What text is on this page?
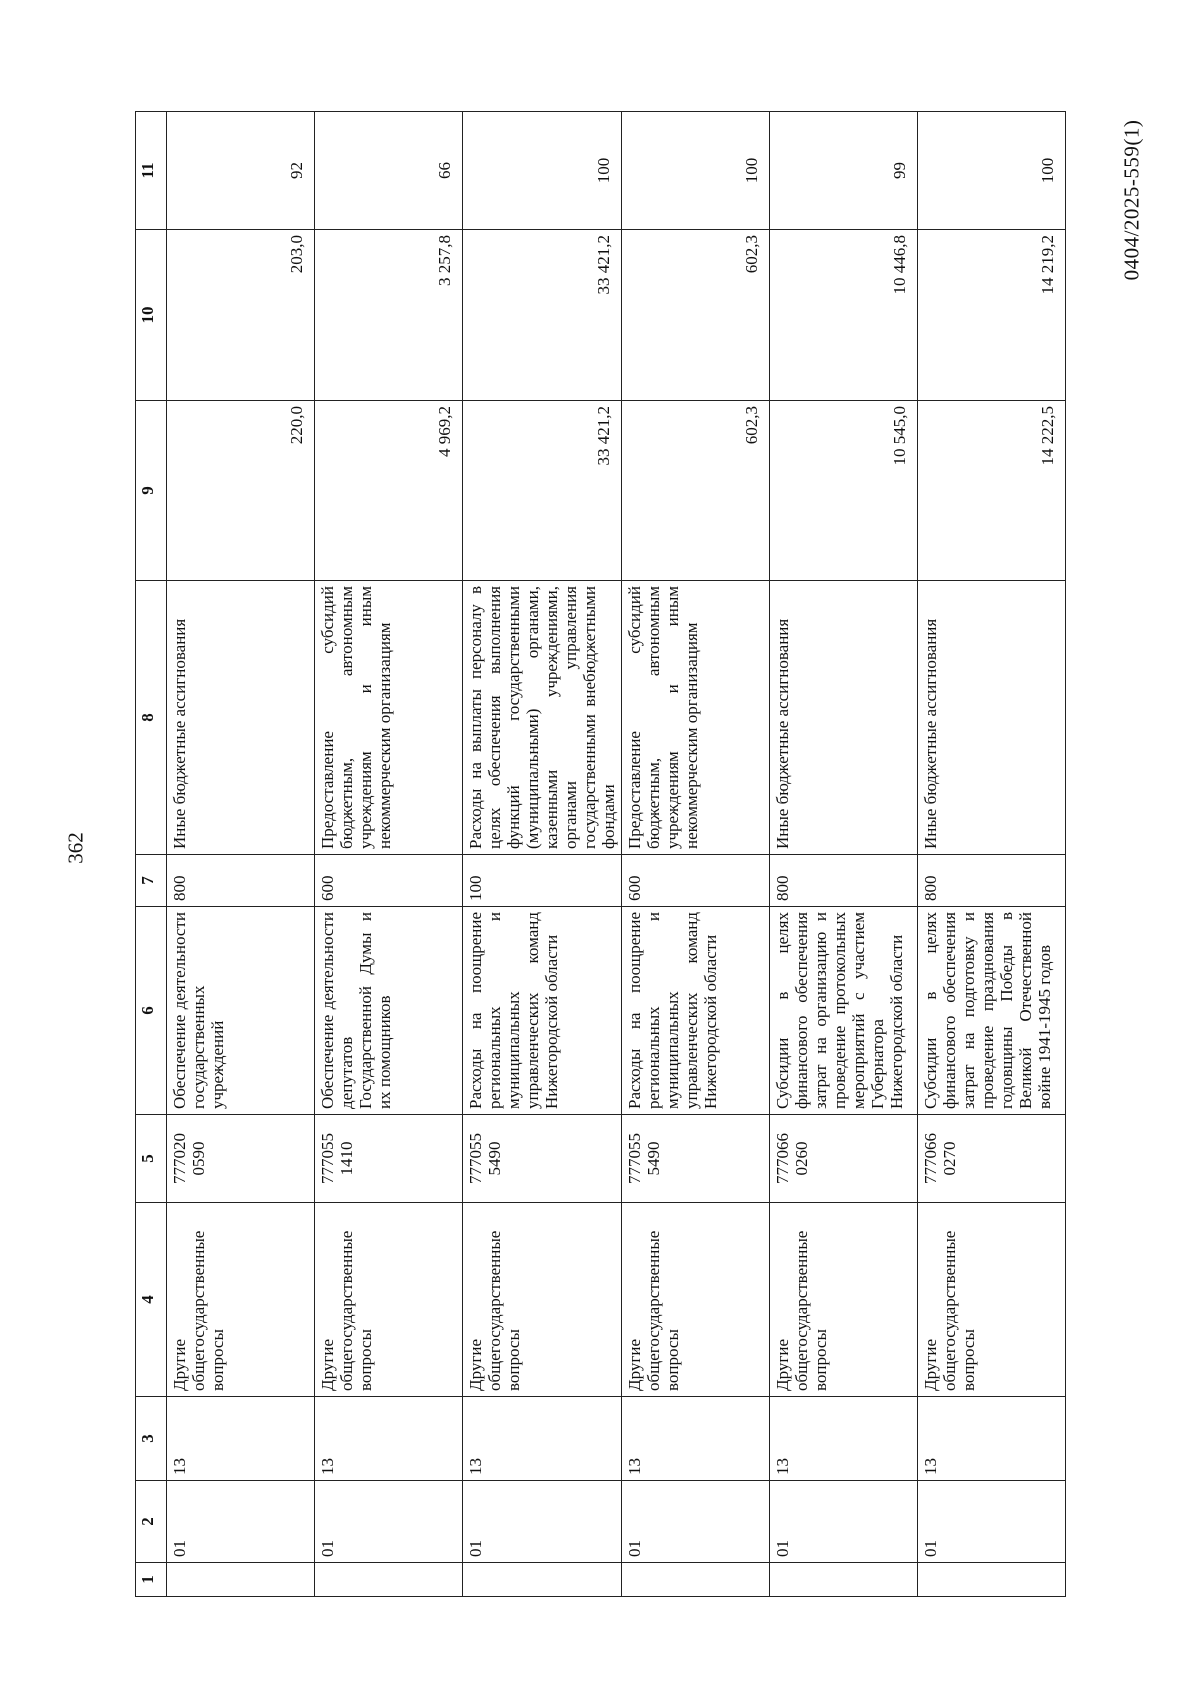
362
0404/2025-559(1)
1	2	3	4	5	6	7	8	9	10	11
	01	13	Другие общегосударственные вопросы	777020 0590	Обеспечение деятельности государственных учреждений	800	Иные бюджетные ассигнования	220,0	203,0	92
	01	13	Другие общегосударственные вопросы	777055 1410	Обеспечение деятельности депутатов Государственной Думы и их помощников	600	Предоставление субсидий бюджетным, автономным учреждениям и иным некоммерческим организациям	4 969,2	3 257,8	66
	01	13	Другие общегосударственные вопросы	777055 5490	Расходы на поощрение региональных и муниципальных управленческих команд Нижегородской области	100	Расходы на выплаты персоналу в целях обеспечения выполнения функций государственными (муниципальными) органами, казенными учреждениями, органами управления государственными внебюджетными фондами	33 421,2	33 421,2	100
	01	13	Другие общегосударственные вопросы	777055 5490	Расходы на поощрение региональных и муниципальных управленческих команд Нижегородской области	600	Предоставление субсидий бюджетным, автономным учреждениям и иным некоммерческим организациям	602,3	602,3	100
	01	13	Другие общегосударственные вопросы	777066 0260	Субсидии в целях финансового обеспечения затрат на организацию и проведение протокольных мероприятий с участием Губернатора Нижегородской области	800	Иные бюджетные ассигнования	10 545,0	10 446,8	99
	01	13	Другие общегосударственные вопросы	777066 0270	Субсидии в целях финансового обеспечения затрат на подготовку и проведение празднования годовщины Победы в Великой Отечественной войне 1941-1945 годов	800	Иные бюджетные ассигнования	14 222,5	14 219,2	100
